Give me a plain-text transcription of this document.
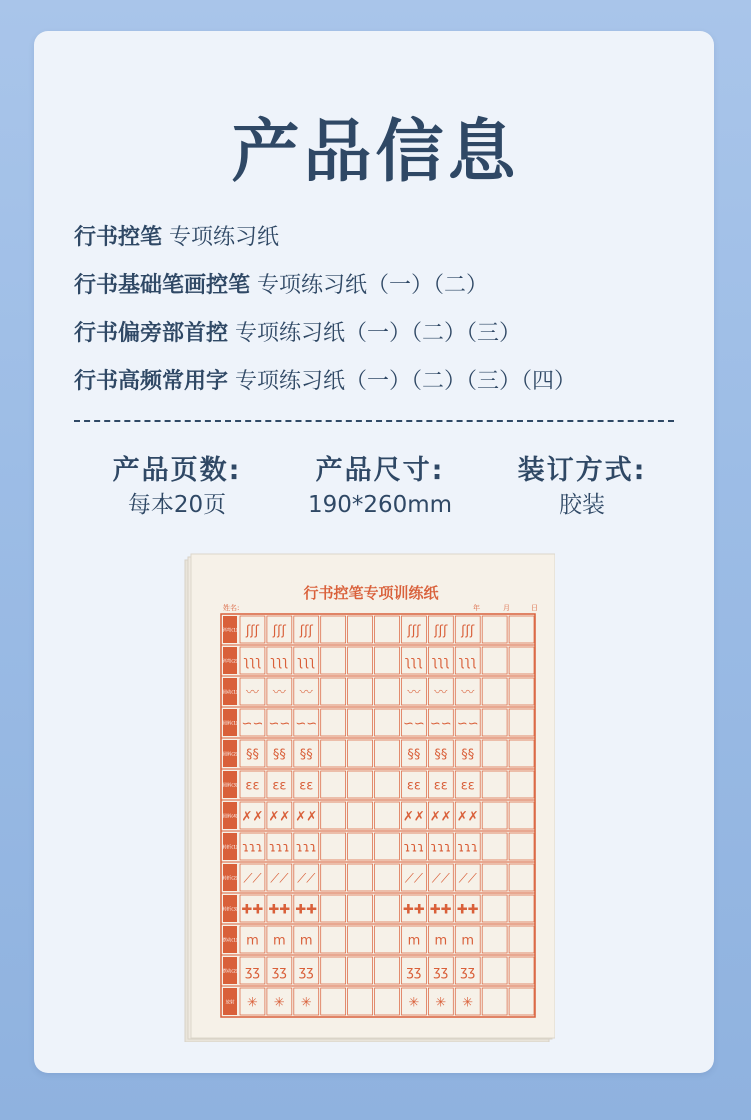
产品信息
行书控笔 专项练习纸
行书基础笔画控笔 专项练习纸（一）（二）
行书偏旁部首控 专项练习纸（一）（二）（三）
行书高频常用字 专项练习纸（一）（二）（三）（四）
产品页数:
每本20页
产品尺寸:
190*260mm
装订方式:
胶装
行书控笔专项训练纸
姓名:	年	月	日
斜弯(1) ʃʃʃ ʃʃʃ ʃʃʃ	ʃʃʃ ʃʃʃ ʃʃʃ
斜弯(2) ʅʅʅ ʅʅʅ ʅʅʅ	ʅʅʅ ʅʅʅ ʅʅʅ
圆动(1) 〰 〰 〰	〰 〰 〰
圆斜(1) ∽∽ ∽∽ ∽∽	∽∽ ∽∽ ∽∽
圆斜(2) §§ §§ §§	§§ §§ §§
圆斜(3) ɛɛ ɛɛ ɛɛ	ɛɛ ɛɛ ɛɛ
圆斜(4) ✗✗ ✗✗ ✗✗	✗✗ ✗✗ ✗✗
转折(1) ɿɿɿ ɿɿɿ ɿɿɿ	ɿɿɿ ɿɿɿ ɿɿɿ
转折(2) ⟋⟋ ⟋⟋ ⟋⟋	⟋⟋ ⟋⟋ ⟋⟋
转折(3) ✚✚ ✚✚ ✚✚	✚✚ ✚✚ ✚✚
摆动(1) m m m	m m m
摆动(2) ʒʒ ʒʒ ʒʒ	ʒʒ ʒʒ ʒʒ
放射 ✳ ✳ ✳	✳ ✳ ✳
